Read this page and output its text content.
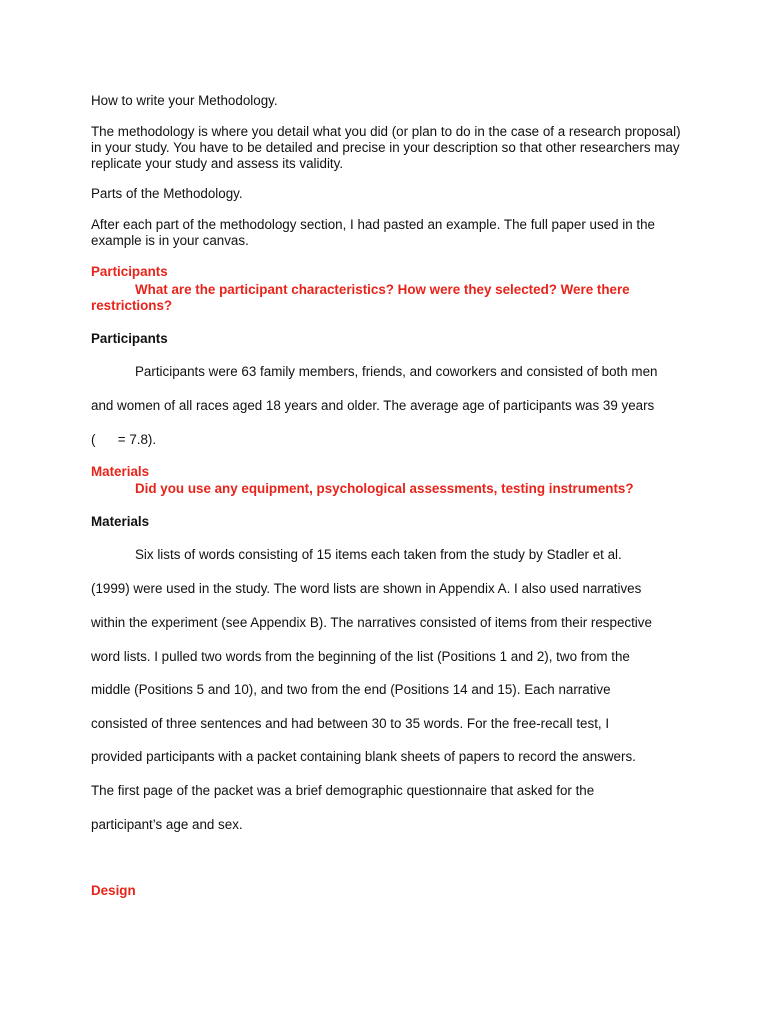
How to write your Methodology.

The methodology is where you detail what you did (or plan to do in the case of a research proposal) in your study. You have to be detailed and precise in your description so that other researchers may replicate your study and assess its validity.

Parts of the Methodology.

After each part of the methodology section, I had pasted an example. The full paper used in the example is in your canvas.

Participants

What are the participant characteristics? How were they selected? Were there restrictions?

Participants

Participants were 63 family members, friends, and coworkers and consisted of both men

and women of all races aged 18 years and older. The average age of participants was 39 years

(      = 7.8).

Materials

Did you use any equipment, psychological assessments, testing instruments?

Materials

Six lists of words consisting of 15 items each taken from the study by Stadler et al.

(1999) were used in the study. The word lists are shown in Appendix A. I also used narratives

within the experiment (see Appendix B). The narratives consisted of items from their respective

word lists. I pulled two words from the beginning of the list (Positions 1 and 2), two from the

middle (Positions 5 and 10), and two from the end (Positions 14 and 15). Each narrative

consisted of three sentences and had between 30 to 35 words. For the free-recall test, I

provided participants with a packet containing blank sheets of papers to record the answers.

The first page of the packet was a brief demographic questionnaire that asked for the

participant’s age and sex.

Design
